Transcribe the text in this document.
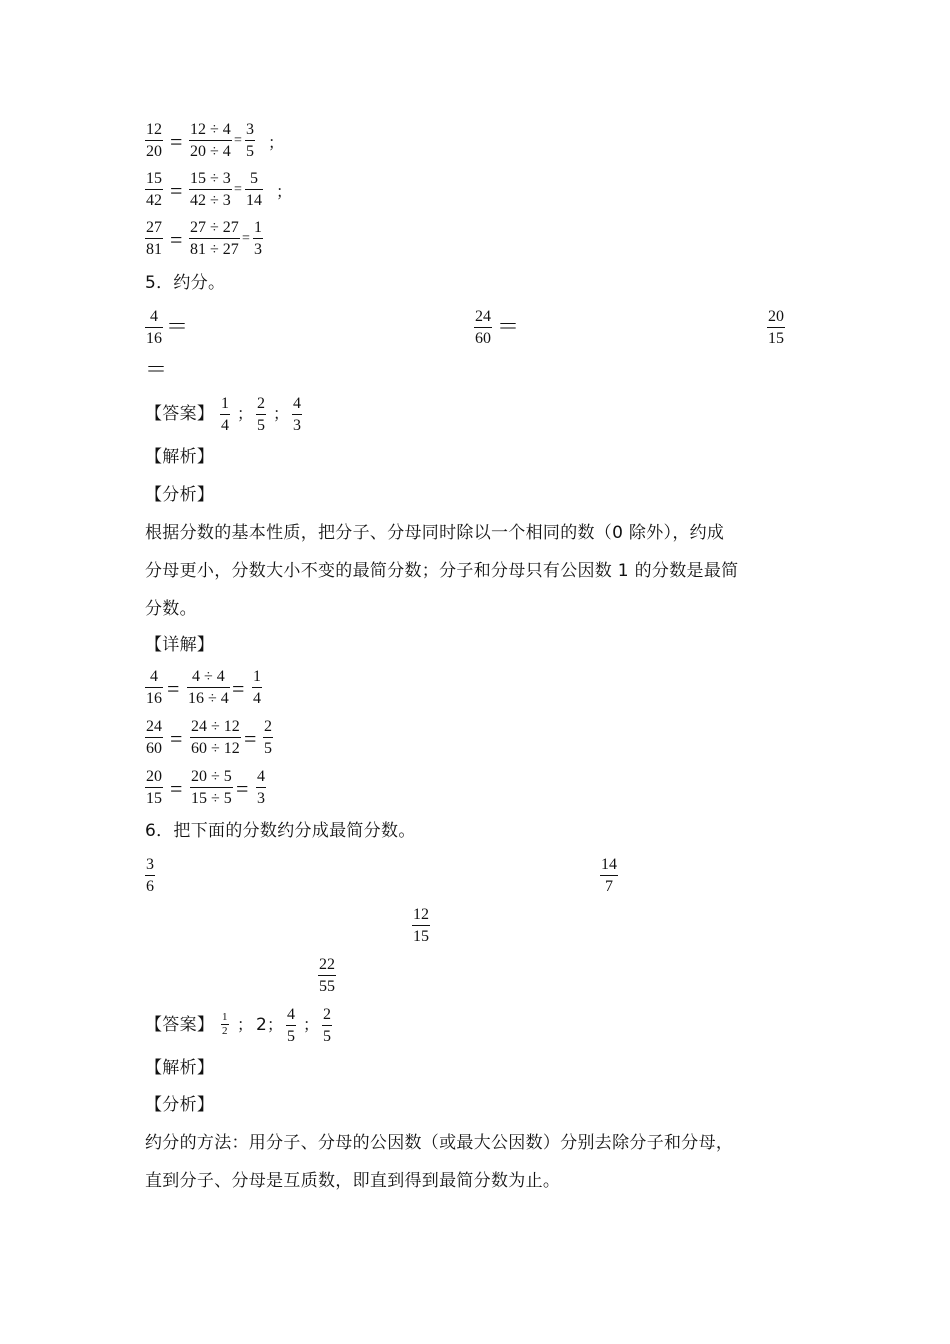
12
20 = 12 ÷ 4
20 ÷ 4
=
3
5 ；
15
42 = 15 ÷ 3
42 ÷ 3
=
5
14 ；
27
81 = 27 ÷ 27
81 ÷ 27
=
1
3
5．约分。
4
16 ＝	24
60 ＝	20
15
＝
【答案】
1
4
；
2
5
；
4
3
【解析】
【分析】
根据分数的基本性质，把分子、分母同时除以一个相同的数（0 除外），约成
分母更小，分数大小不变的最简分数；分子和分母只有公因数 1 的分数是最简
分数。
【详解】
4
16 = 4 ÷ 4
16 ÷ 4 = 1
4
24
60 = 24 ÷ 12
60 ÷ 12 = 2
5
20
15 = 20 ÷ 5
15 ÷ 5 = 4
3
6．把下面的分数约分成最简分数。
3
6
14
7
12
15
22
55
【答案】 1
2 ； 2 ；
4
5
；
2
5
【解析】
【分析】
约分的方法：用分子、分母的公因数（或最大公因数）分别去除分子和分母，
直到分子、分母是互质数，即直到得到最简分数为止。
